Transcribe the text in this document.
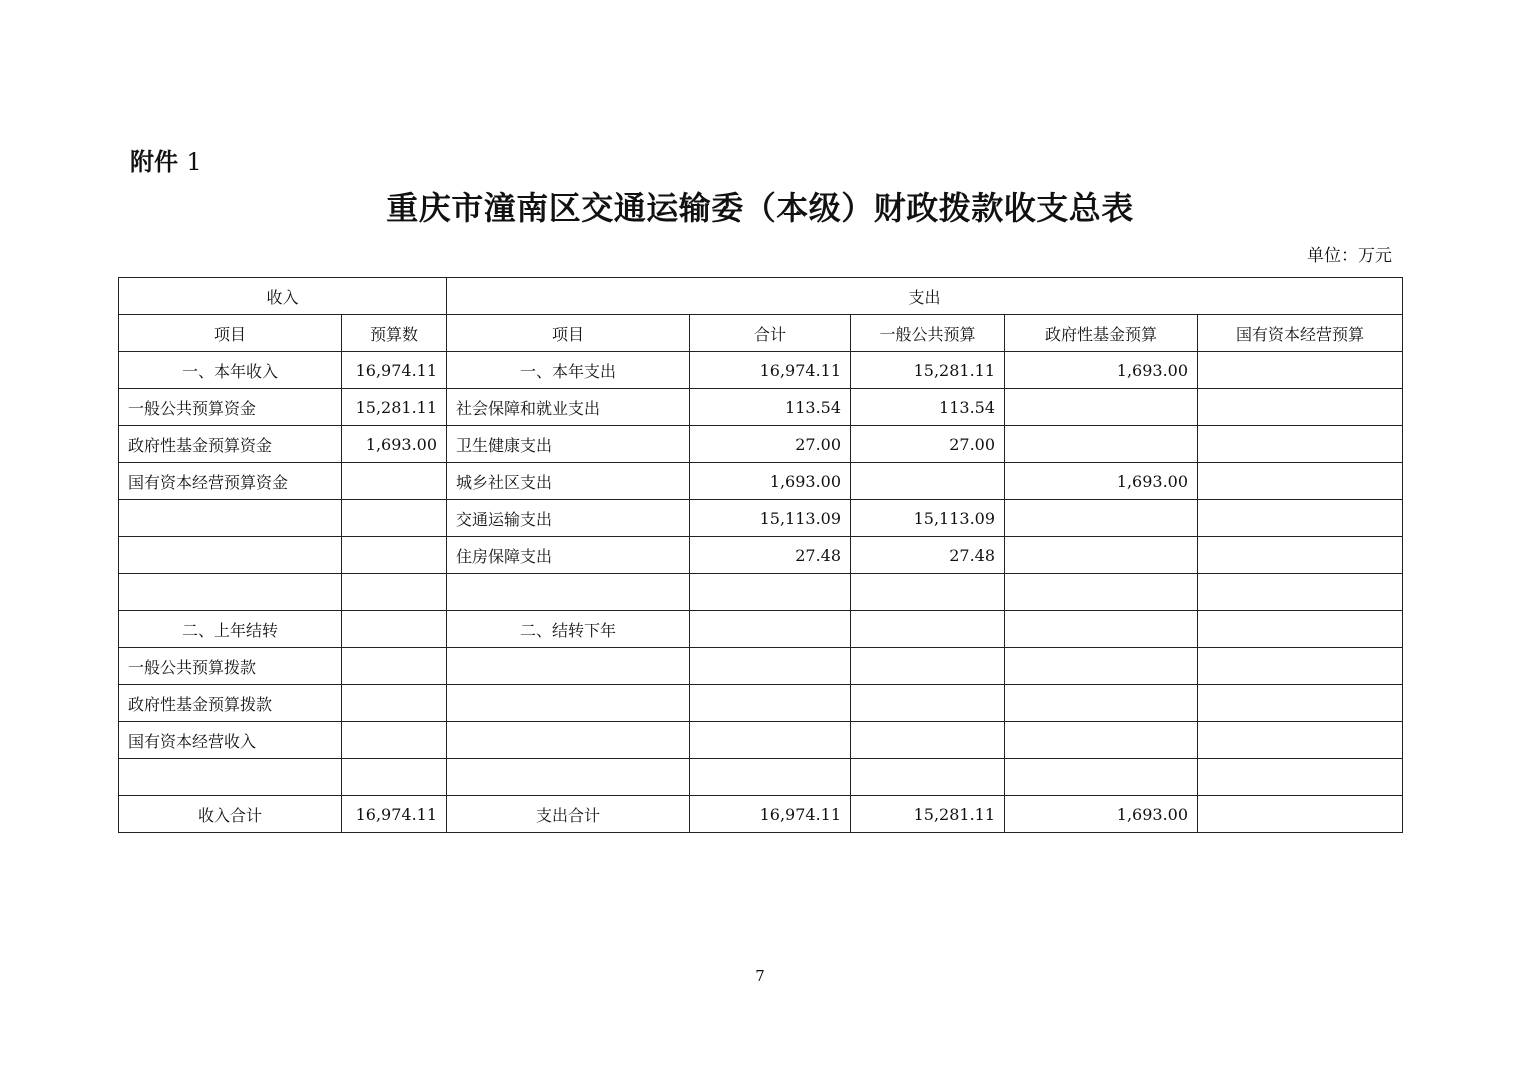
附件 1
重庆市潼南区交通运输委（本级）财政拨款收支总表
单位：万元
收入		支出				
项目	预算数	项目	合计	一般公共预算	政府性基金预算	国有资本经营预算
一、本年收入	16,974.11	一、本年支出	16,974.11	15,281.11	1,693.00	
一般公共预算资金	15,281.11	社会保障和就业支出	113.54	113.54		
政府性基金预算资金	1,693.00	卫生健康支出	27.00	27.00		
国有资本经营预算资金		城乡社区支出	1,693.00		1,693.00	
		交通运输支出	15,113.09	15,113.09		
		住房保障支出	27.48	27.48		

二、上年结转		二、结转下年				
一般公共预算拨款						
政府性基金预算拨款						
国有资本经营收入						

收入合计	16,974.11	支出合计	16,974.11	15,281.11	1,693.00	
7
